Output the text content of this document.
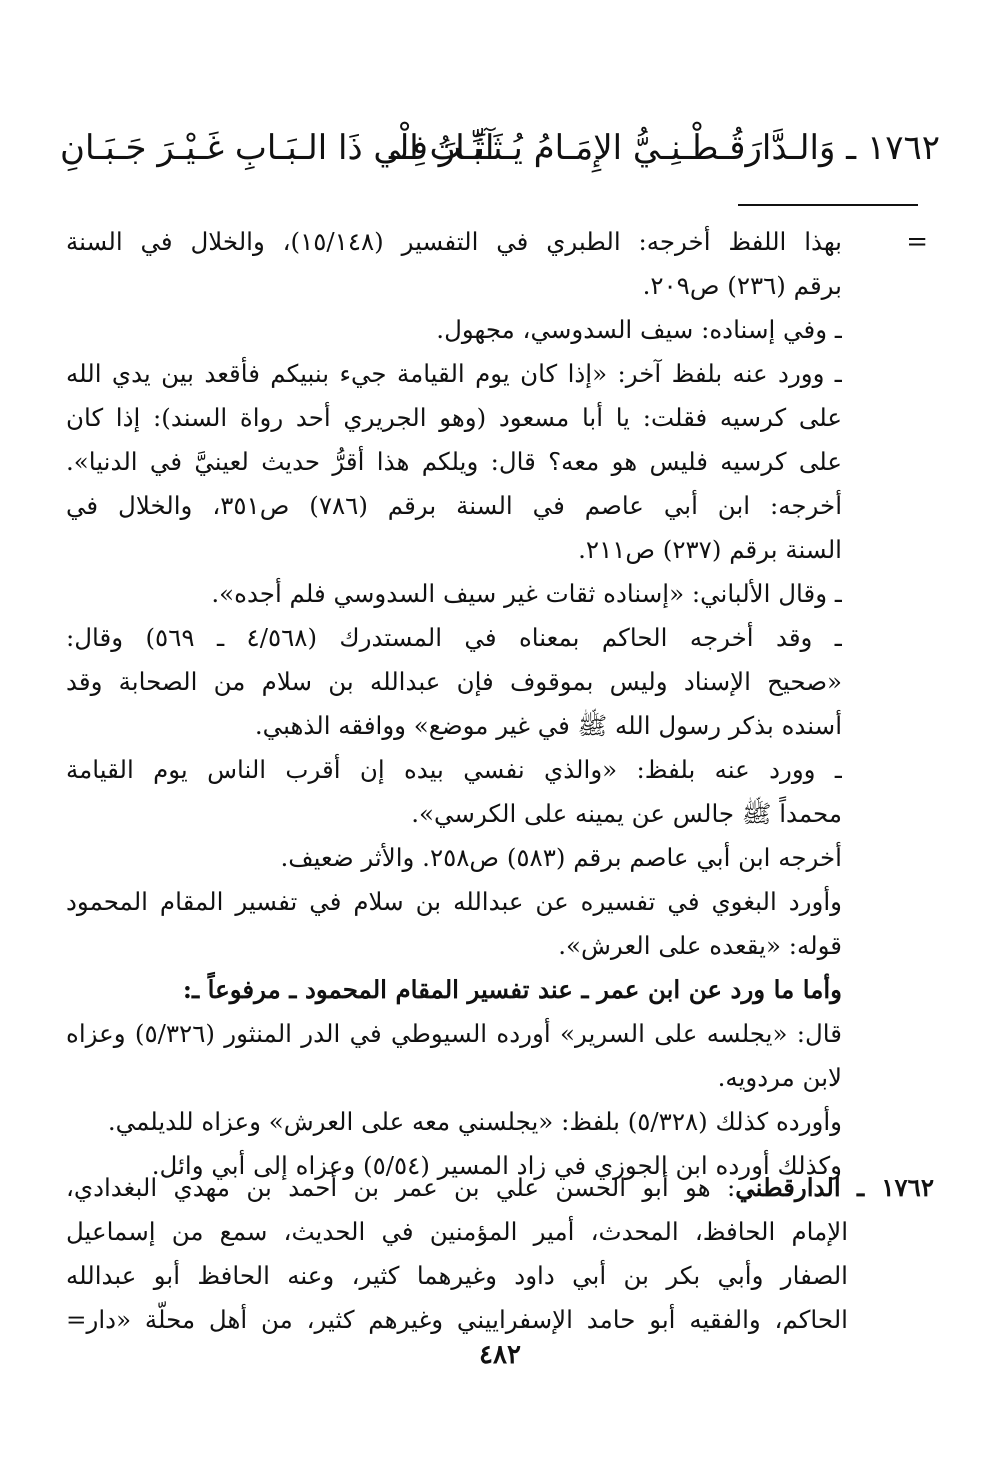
١٧٦٢ ـ وَالـدَّارَقُـطْـنِـيُّ الإِمَـامُ يُـثَـبِّـتُ الْـ
آثَـارَ فِـي ذَا الـبَـابِ غَـيْـرَ جَـبَـانِ
=
بهذا اللفظ أخرجه: الطبري في التفسير (١٥/١٤٨)، والخلال في السنة
برقم (٢٣٦) ص٢٠٩.
ـ وفي إسناده: سيف السدوسي، مجهول.
ـ وورد عنه بلفظ آخر: «إذا كان يوم القيامة جيء بنبيكم فأقعد بين يدي الله
على كرسيه فقلت: يا أبا مسعود (وهو الجريري أحد رواة السند): إذا كان
على كرسيه فليس هو معه؟ قال: ويلكم هذا أقرُّ حديث لعينيَّ في الدنيا».
أخرجه: ابن أبي عاصم في السنة برقم (٧٨٦) ص٣٥١، والخلال في
السنة برقم (٢٣٧) ص٢١١.
ـ وقال الألباني: «إسناده ثقات غير سيف السدوسي فلم أجده».
ـ وقد أخرجه الحاكم بمعناه في المستدرك (٤/٥٦٨ ـ ٥٦٩) وقال:
«صحيح الإسناد وليس بموقوف فإن عبدالله بن سلام من الصحابة وقد
أسنده بذكر رسول الله ﷺ في غير موضع» ووافقه الذهبي.
ـ وورد عنه بلفظ: «والذي نفسي بيده إن أقرب الناس يوم القيامة
محمداً ﷺ جالس عن يمينه على الكرسي».
أخرجه ابن أبي عاصم برقم (٥٨٣) ص٢٥٨. والأثر ضعيف.
وأورد البغوي في تفسيره عن عبدالله بن سلام في تفسير المقام المحمود
قوله: «يقعده على العرش».
وأما ما ورد عن ابن عمر ـ عند تفسير المقام المحمود ـ مرفوعاً ـ:
قال: «يجلسه على السرير» أورده السيوطي في الدر المنثور (٥/٣٢٦) وعزاه
لابن مردويه.
وأورده كذلك (٥/٣٢٨) بلفظ: «يجلسني معه على العرش» وعزاه للديلمي.
وكذلك أورده ابن الجوزي في زاد المسير (٥/٥٤) وعزاه إلى أبي وائل.
١٧٦٢ ـ الدارقطني: هو أبو الحسن علي بن عمر بن أحمد بن مهدي البغدادي،
الإمام الحافظ، المحدث، أمير المؤمنين في الحديث، سمع من إسماعيل
الصفار وأبي بكر بن أبي داود وغيرهما كثير، وعنه الحافظ أبو عبدالله
الحاكم، والفقيه أبو حامد الإسفراييني وغيرهم كثير، من أهل محلّة «دار=
٤٨٢
